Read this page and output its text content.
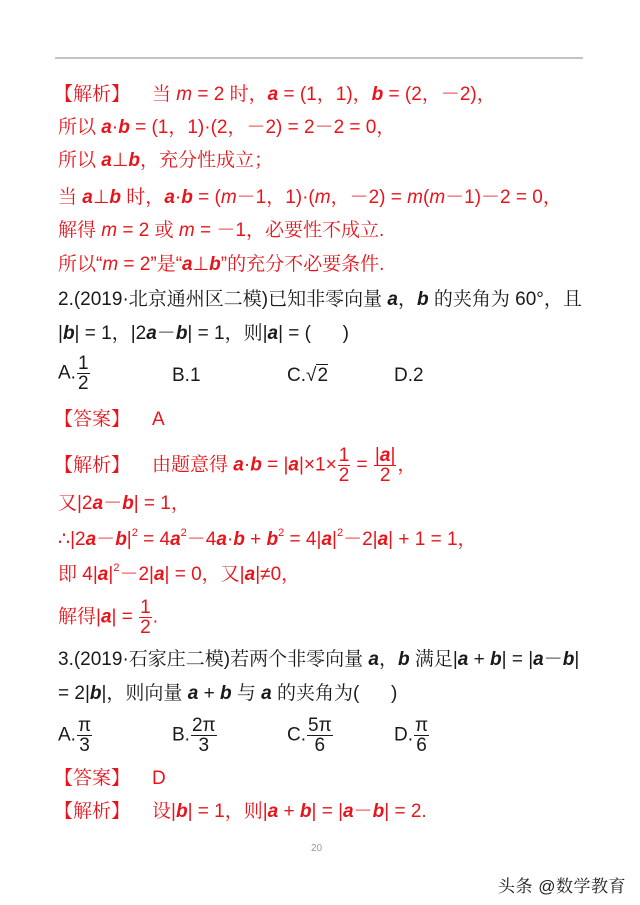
【解析】 当 m = 2 时，a = (1，1)，b = (2，－2)，
所以 a·b = (1，1)·(2，－2) = 2－2 = 0，
所以 a⊥b，充分性成立；
当 a⊥b 时，a·b = (m－1，1)·(m，－2) = m(m－1)－2 = 0，
解得 m = 2 或 m = －1，必要性不成立.
所以“m = 2”是“a⊥b”的充分不必要条件.
2.(2019·北京通州区二模)已知非零向量 a，b 的夹角为 60°，且
|b| = 1，|2a－b| = 1，则|a| = (      )
A. $\frac{1}{2}$	B.1	C.√2	D.2
【答案】 A
【解析】 由题意得 $a\cdot b = |a|\times 1\times \frac{1}{2} = \frac{|a|}{2}$ ，
又|2a－b| = 1，
$\therefore|2a-b|^2 = 4a^2-4a\cdot b + b^2 = 4|a|^2-2|a| + 1 = 1$，
即 $4|a|^2-2|a| = 0$，又|a|≠0，
解得$|a| = \frac{1}{2}$ .
3.(2019·石家庄二模)若两个非零向量 a，b 满足|a + b| = |a－b|
= 2|b|，则向量 a + b 与 a 的夹角为(      )
A. $\frac{\pi}{3}$	B. $\frac{2\pi}{3}$	C. $\frac{5\pi}{6}$	D. $\frac{\pi}{6}$
【答案】 D
【解析】 设|b| = 1，则|a + b| = |a－b| = 2.
20
头条 @数学教育
